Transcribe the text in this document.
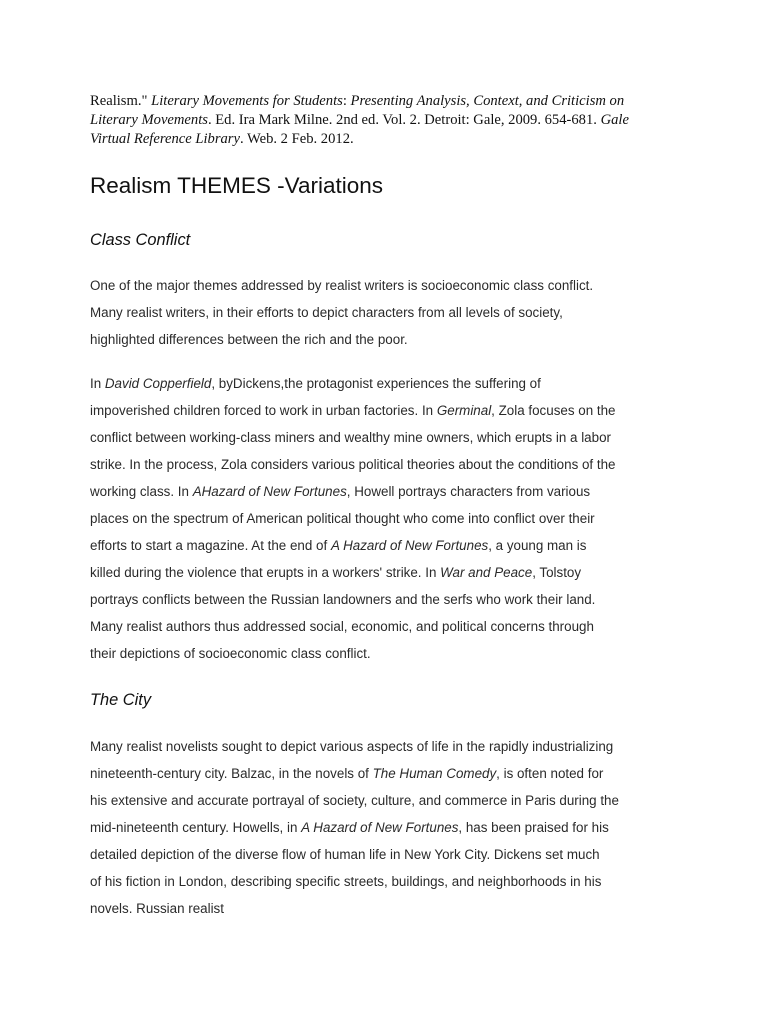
Realism." Literary Movements for Students: Presenting Analysis, Context, and Criticism on
Literary Movements. Ed. Ira Mark Milne. 2nd ed. Vol. 2. Detroit: Gale, 2009. 654-681. Gale
Virtual Reference Library. Web. 2 Feb. 2012.
Realism THEMES -Variations
Class Conflict
One of the major themes addressed by realist writers is socioeconomic class conflict.
Many realist writers, in their efforts to depict characters from all levels of society,
highlighted differences between the rich and the poor.
In David Copperfield, byDickens,the protagonist experiences the suffering of
impoverished children forced to work in urban factories. In Germinal, Zola focuses on the
conflict between working-class miners and wealthy mine owners, which erupts in a labor
strike. In the process, Zola considers various political theories about the conditions of the
working class. In AHazard of New Fortunes, Howell portrays characters from various
places on the spectrum of American political thought who come into conflict over their
efforts to start a magazine. At the end of A Hazard of New Fortunes, a young man is
killed during the violence that erupts in a workers' strike. In War and Peace, Tolstoy
portrays conflicts between the Russian landowners and the serfs who work their land.
Many realist authors thus addressed social, economic, and political concerns through
their depictions of socioeconomic class conflict.
The City
Many realist novelists sought to depict various aspects of life in the rapidly industrializing
nineteenth-century city. Balzac, in the novels of The Human Comedy, is often noted for
his extensive and accurate portrayal of society, culture, and commerce in Paris during the
mid-nineteenth century. Howells, in A Hazard of New Fortunes, has been praised for his
detailed depiction of the diverse flow of human life in New York City. Dickens set much
of his fiction in London, describing specific streets, buildings, and neighborhoods in his
novels. Russian realist
